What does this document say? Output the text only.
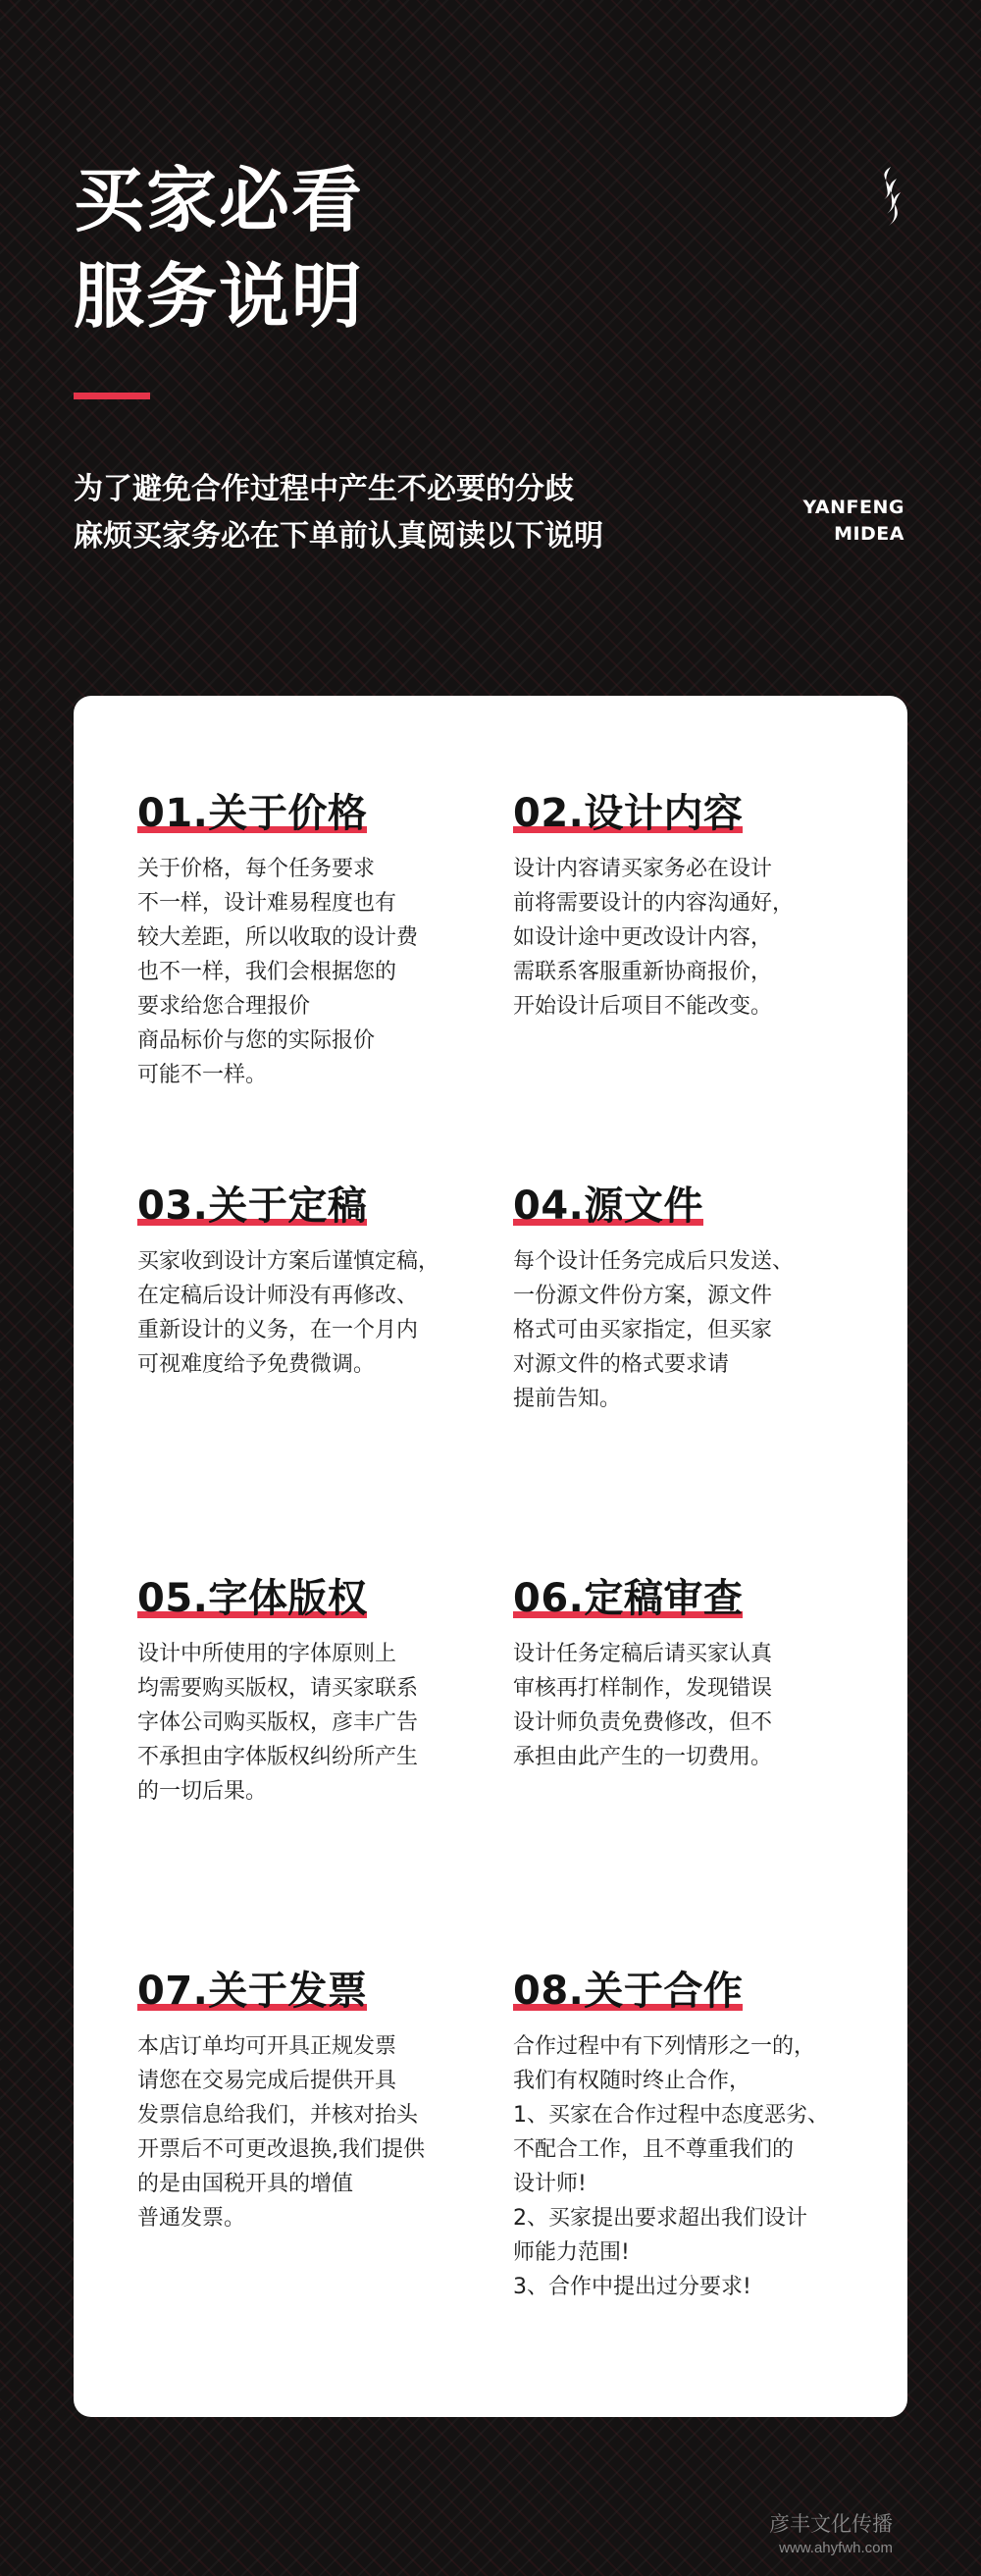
买家必看
服务说明
为了避免合作过程中产生不必要的分歧
麻烦买家务必在下单前认真阅读以下说明
YANFENG
MIDEA
01.关于价格
关于价格，每个任务要求
不一样，设计难易程度也有
较大差距，所以收取的设计费
也不一样，我们会根据您的
要求给您合理报价
商品标价与您的实际报价
可能不一样。
02.设计内容
设计内容请买家务必在设计
前将需要设计的内容沟通好，
如设计途中更改设计内容，
需联系客服重新协商报价，
开始设计后项目不能改变。
03.关于定稿
买家收到设计方案后谨慎定稿，
在定稿后设计师没有再修改、
重新设计的义务，在一个月内
可视难度给予免费微调。
04.源文件
每个设计任务完成后只发送、
一份源文件份方案，源文件
格式可由买家指定，但买家
对源文件的格式要求请
提前告知。
05.字体版权
设计中所使用的字体原则上
均需要购买版权，请买家联系
字体公司购买版权，彦丰广告
不承担由字体版权纠纷所产生
的一切后果。
06.定稿审查
设计任务定稿后请买家认真
审核再打样制作，发现错误
设计师负责免费修改，但不
承担由此产生的一切费用。
07.关于发票
本店订单均可开具正规发票
请您在交易完成后提供开具
发票信息给我们，并核对抬头
开票后不可更改退换,我们提供
的是由国税开具的增值
普通发票。
08.关于合作
合作过程中有下列情形之一的，
我们有权随时终止合作，
1、买家在合作过程中态度恶劣、
不配合工作，且不尊重我们的
设计师!
2、买家提出要求超出我们设计
师能力范围!
3、合作中提出过分要求!
彦丰文化传播
www.ahyfwh.com
